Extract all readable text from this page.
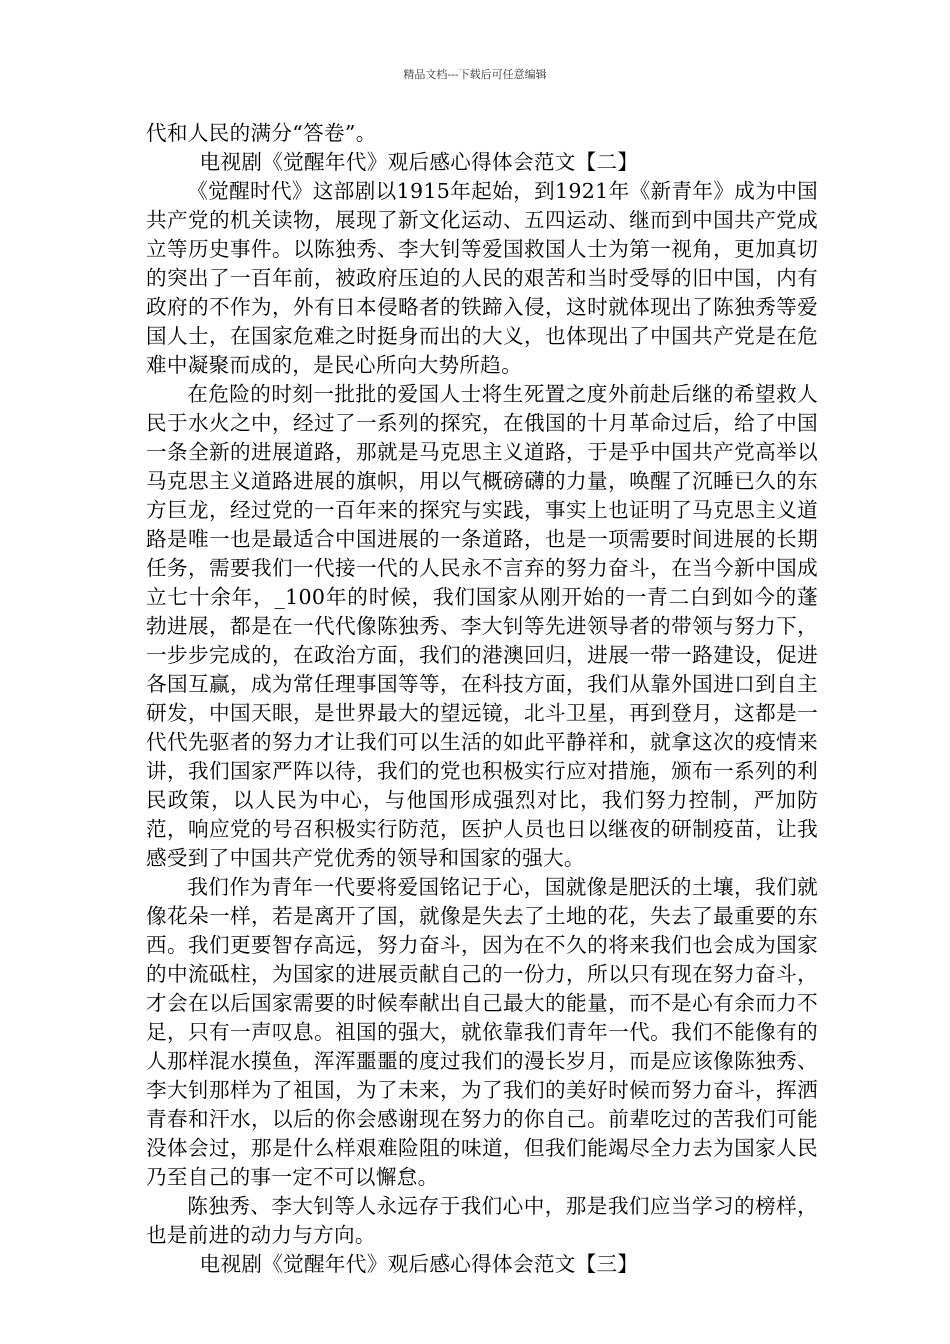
精品文档---下载后可任意编辑

代和人民的满分“答卷”。

电视剧《觉醒年代》观后感心得体会范文【二】

《觉醒时代》这部剧以1915年起始，到1921年《新青年》成为中国共产党的机关读物，展现了新文化运动、五四运动、继而到中国共产党成立等历史事件。以陈独秀、李大钊等爱国救国人士为第一视角，更加真切的突出了一百年前，被政府压迫的人民的艰苦和当时受辱的旧中国，内有政府的不作为，外有日本侵略者的铁蹄入侵，这时就体现出了陈独秀等爱国人士，在国家危难之时挺身而出的大义，也体现出了中国共产党是在危难中凝聚而成的，是民心所向大势所趋。

在危险的时刻一批批的爱国人士将生死置之度外前赴后继的希望救人民于水火之中，经过了一系列的探究，在俄国的十月革命过后，给了中国一条全新的进展道路，那就是马克思主义道路，于是乎中国共产党高举以马克思主义道路进展的旗帜，用以气概磅礴的力量，唤醒了沉睡已久的东方巨龙，经过党的一百年来的探究与实践，事实上也证明了马克思主义道路是唯一也是最适合中国进展的一条道路，也是一项需要时间进展的长期任务，需要我们一代接一代的人民永不言弃的努力奋斗，在当今新中国成立七十余年，_100年的时候，我们国家从刚开始的一青二白到如今的蓬勃进展，都是在一代代像陈独秀、李大钊等先进领导者的带领与努力下，一步步完成的，在政治方面，我们的港澳回归，进展一带一路建设，促进各国互赢，成为常任理事国等等，在科技方面，我们从靠外国进口到自主研发，中国天眼，是世界最大的望远镜，北斗卫星，再到登月，这都是一代代先驱者的努力才让我们可以生活的如此平静祥和，就拿这次的疫情来讲，我们国家严阵以待，我们的党也积极实行应对措施，颁布一系列的利民政策，以人民为中心，与他国形成强烈对比，我们努力控制，严加防范，响应党的号召积极实行防范，医护人员也日以继夜的研制疫苗，让我感受到了中国共产党优秀的领导和国家的强大。

我们作为青年一代要将爱国铭记于心，国就像是肥沃的土壤，我们就像花朵一样，若是离开了国，就像是失去了土地的花，失去了最重要的东西。我们更要智存高远，努力奋斗，因为在不久的将来我们也会成为国家的中流砥柱，为国家的进展贡献自己的一份力，所以只有现在努力奋斗，才会在以后国家需要的时候奉献出自己最大的能量，而不是心有余而力不足，只有一声叹息。祖国的强大，就依靠我们青年一代。我们不能像有的人那样混水摸鱼，浑浑噩噩的度过我们的漫长岁月，而是应该像陈独秀、李大钊那样为了祖国，为了未来，为了我们的美好时候而努力奋斗，挥洒青春和汗水，以后的你会感谢现在努力的你自己。前辈吃过的苦我们可能没体会过，那是什么样艰难险阻的味道，但我们能竭尽全力去为国家人民乃至自己的事一定不可以懈怠。

陈独秀、李大钊等人永远存于我们心中，那是我们应当学习的榜样，也是前进的动力与方向。

电视剧《觉醒年代》观后感心得体会范文【三】
